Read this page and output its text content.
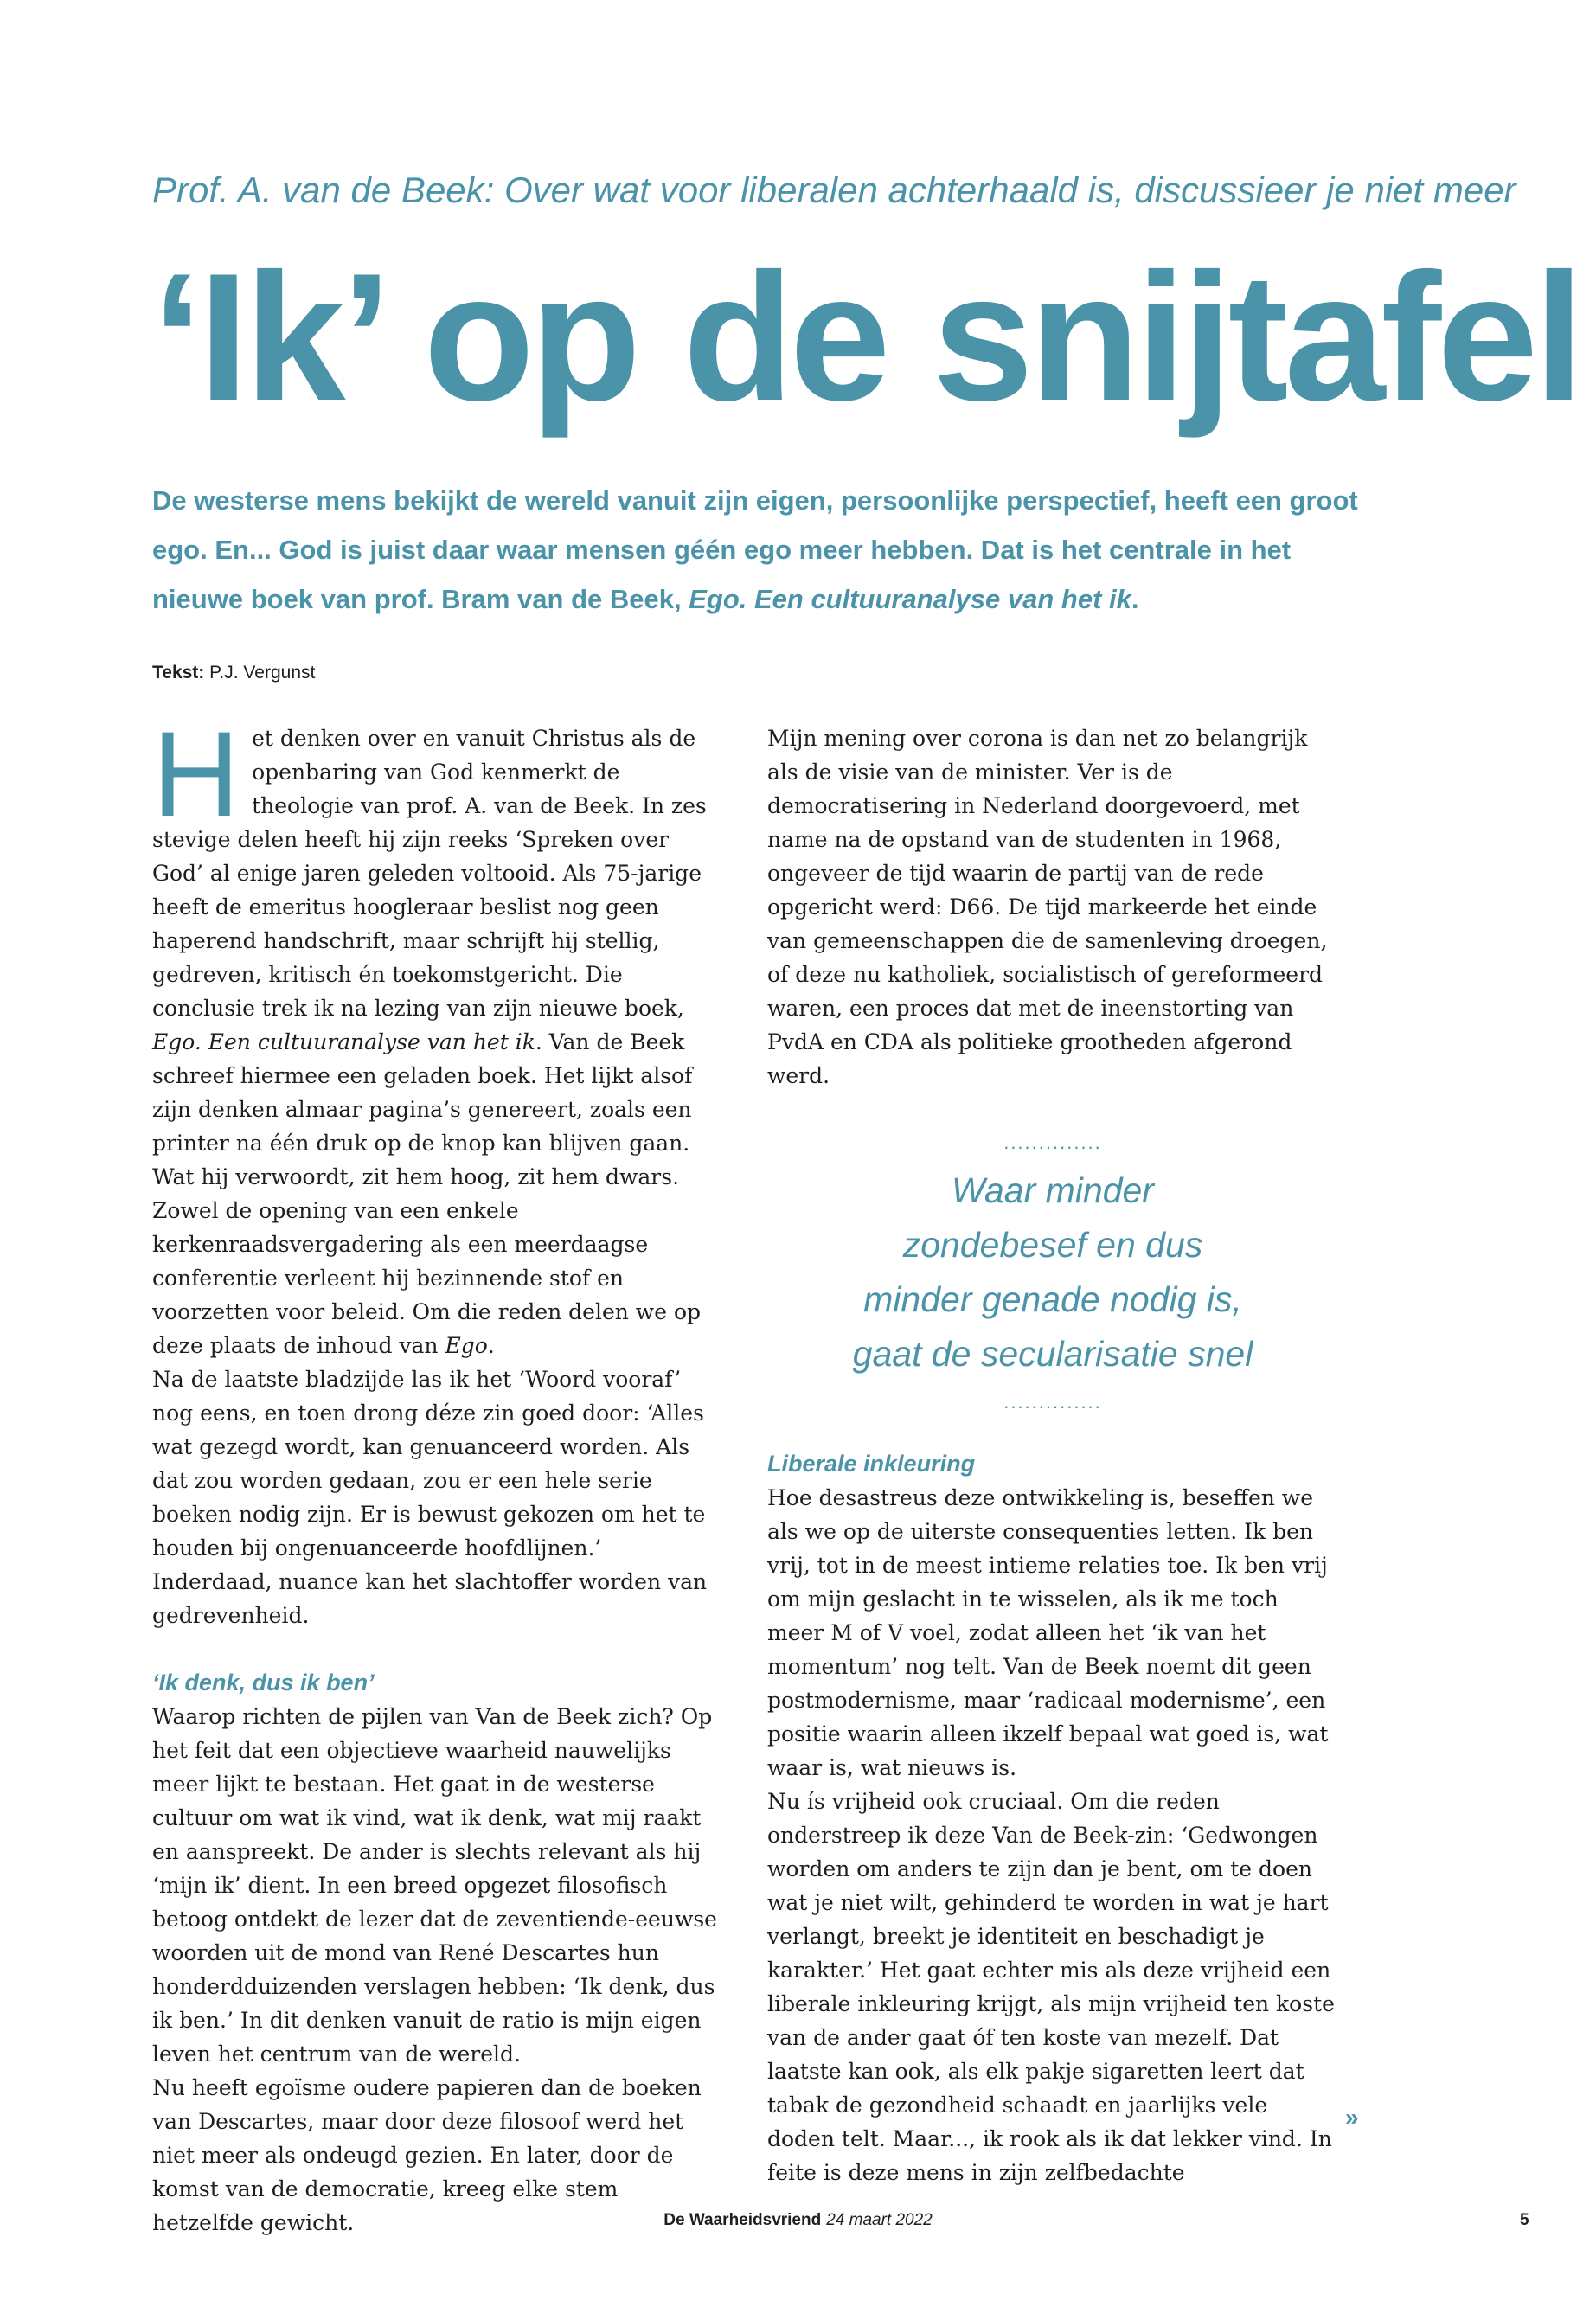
Prof. A. van de Beek: Over wat voor liberalen achterhaald is, discussieer je niet meer
‘Ik’ op de snijtafel
De westerse mens bekijkt de wereld vanuit zijn eigen, persoonlijke perspectief, heeft een groot ego. En... God is juist daar waar mensen géén ego meer hebben. Dat is het centrale in het nieuwe boek van prof. Bram van de Beek, Ego. Een cultuuranalyse van het ik.
Tekst: P.J. Vergunst

Het denken over en vanuit Christus als de openbaring van God kenmerkt de theologie van prof. A. van de Beek. In zes stevige delen heeft hij zijn reeks ‘Spreken over God’ al enige jaren geleden voltooid. Als 75-jarige heeft de emeritus hoogleraar beslist nog geen haperend handschrift, maar schrijft hij stellig, gedreven, kritisch én toekomstgericht. Die conclusie trek ik na lezing van zijn nieuwe boek, Ego. Een cultuuranalyse van het ik. Van de Beek schreef hiermee een geladen boek. Het lijkt alsof zijn denken almaar pagina’s genereert, zoals een printer na één druk op de knop kan blijven gaan. Wat hij verwoordt, zit hem hoog, zit hem dwars. Zowel de opening van een enkele kerkenraadsvergadering als een meerdaagse conferentie verleent hij bezinnende stof en voorzetten voor beleid. Om die reden delen we op deze plaats de inhoud van Ego.

Na de laatste bladzijde las ik het ‘Woord vooraf’ nog eens, en toen drong déze zin goed door: ‘Alles wat gezegd wordt, kan genuanceerd worden. Als dat zou worden gedaan, zou er een hele serie boeken nodig zijn. Er is bewust gekozen om het te houden bij ongenuanceerde hoofdlijnen.’ Inderdaad, nuance kan het slachtoffer worden van gedrevenheid.

‘Ik denk, dus ik ben’

Waarop richten de pijlen van Van de Beek zich? Op het feit dat een objectieve waarheid nauwelijks meer lijkt te bestaan. Het gaat in de westerse cultuur om wat ik vind, wat ik denk, wat mij raakt en aanspreekt. De ander is slechts relevant als hij ‘mijn ik’ dient. In een breed opgezet filosofisch betoog ontdekt de lezer dat de zeventiende-eeuwse woorden uit de mond van René Descartes hun honderdduizenden verslagen hebben: ‘Ik denk, dus ik ben.’ In dit denken vanuit de ratio is mijn eigen leven het centrum van de wereld.

Nu heeft egoïsme oudere papieren dan de boeken van Descartes, maar door deze filosoof werd het niet meer als ondeugd gezien. En later, door de komst van de democratie, kreeg elke stem hetzelfde gewicht.

Mijn mening over corona is dan net zo belangrijk als de visie van de minister. Ver is de democratisering in Nederland doorgevoerd, met name na de opstand van de studenten in 1968, ongeveer de tijd waarin de partij van de rede opgericht werd: D66. De tijd markeerde het einde van gemeenschappen die de samenleving droegen, of deze nu katholiek, socialistisch of gereformeerd waren, een proces dat met de ineenstorting van PvdA en CDA als politieke grootheden afgerond werd.

..............
Waar minder
zondebesef en dus
minder genade nodig is,
gaat de secularisatie snel
..............

Liberale inkleuring

Hoe desastreus deze ontwikkeling is, beseffen we als we op de uiterste consequenties letten. Ik ben vrij, tot in de meest intieme relaties toe. Ik ben vrij om mijn geslacht in te wisselen, als ik me toch meer M of V voel, zodat alleen het ‘ik van het momentum’ nog telt. Van de Beek noemt dit geen postmodernisme, maar ‘radicaal modernisme’, een positie waarin alleen ikzelf bepaal wat goed is, wat waar is, wat nieuws is.

Nu ís vrijheid ook cruciaal. Om die reden onderstreep ik deze Van de Beek-zin: ‘Gedwongen worden om anders te zijn dan je bent, om te doen wat je niet wilt, gehinderd te worden in wat je hart verlangt, breekt je identiteit en beschadigt je karakter.’ Het gaat echter mis als deze vrijheid een liberale inkleuring krijgt, als mijn vrijheid ten koste van de ander gaat óf ten koste van mezelf. Dat laatste kan ook, als elk pakje sigaretten leert dat tabak de gezondheid schaadt en jaarlijks vele doden telt. Maar..., ik rook als ik dat lekker vind. In feite is deze mens in zijn zelfbedachte

»
De Waarheidsvriend 24 maart 2022	5
